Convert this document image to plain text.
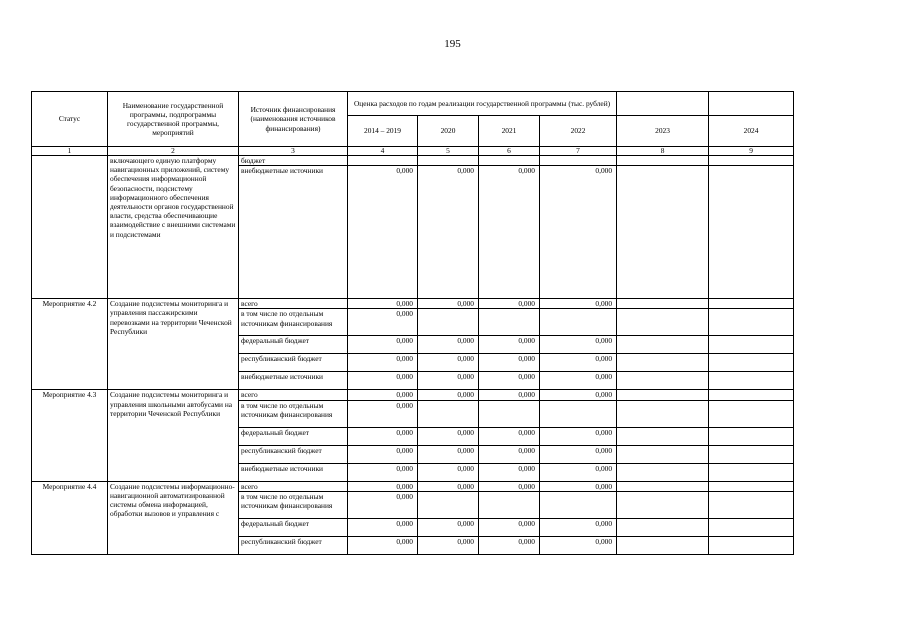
195
Статус	Наименование государственной программы, подпрограммы государственной программы, мероприятий	Источник финансирования (наименования источников финансирования)	Оценка расходов по годам реализации государственной программы (тыс. рублей)					
			2014 – 2019	2020	2021	2022	2023	2024
1	2	3	4	5	6	7	8	9
	включающего единую платформу навигационных приложений, систему обеспечения информационной безопасности, подсистему информационного обеспечения деятельности органов государственной власти, средства обеспечивающие взаимодействие с внешними системами и подсистемами	бюджет						
		внебюджетные источники	0,000	0,000	0,000	0,000		
Мероприятие 4.2	Создание подсистемы мониторинга и управления пассажирскими перевозками на территории Чеченской Республики	всего	0,000	0,000	0,000	0,000		
		в том числе по отдельным источникам финансирования	0,000					
		федеральный бюджет	0,000	0,000	0,000	0,000		
		республиканский бюджет	0,000	0,000	0,000	0,000		
		внебюджетные источники	0,000	0,000	0,000	0,000		
Мероприятие 4.3	Создание подсистемы мониторинга и управления школьными автобусами на территории Чеченской Республики	всего	0,000	0,000	0,000	0,000		
		в том числе по отдельным источникам финансирования	0,000					
		федеральный бюджет	0,000	0,000	0,000	0,000		
		республиканский бюджет	0,000	0,000	0,000	0,000		
		внебюджетные источники	0,000	0,000	0,000	0,000		
Мероприятие 4.4	Создание подсистемы информационно-навигационной автоматизированной системы обмена информацией, обработки вызовов и управления с	всего	0,000	0,000	0,000	0,000		
		в том числе по отдельным источникам финансирования	0,000					
		федеральный бюджет	0,000	0,000	0,000	0,000		
		республиканский бюджет	0,000	0,000	0,000	0,000		
